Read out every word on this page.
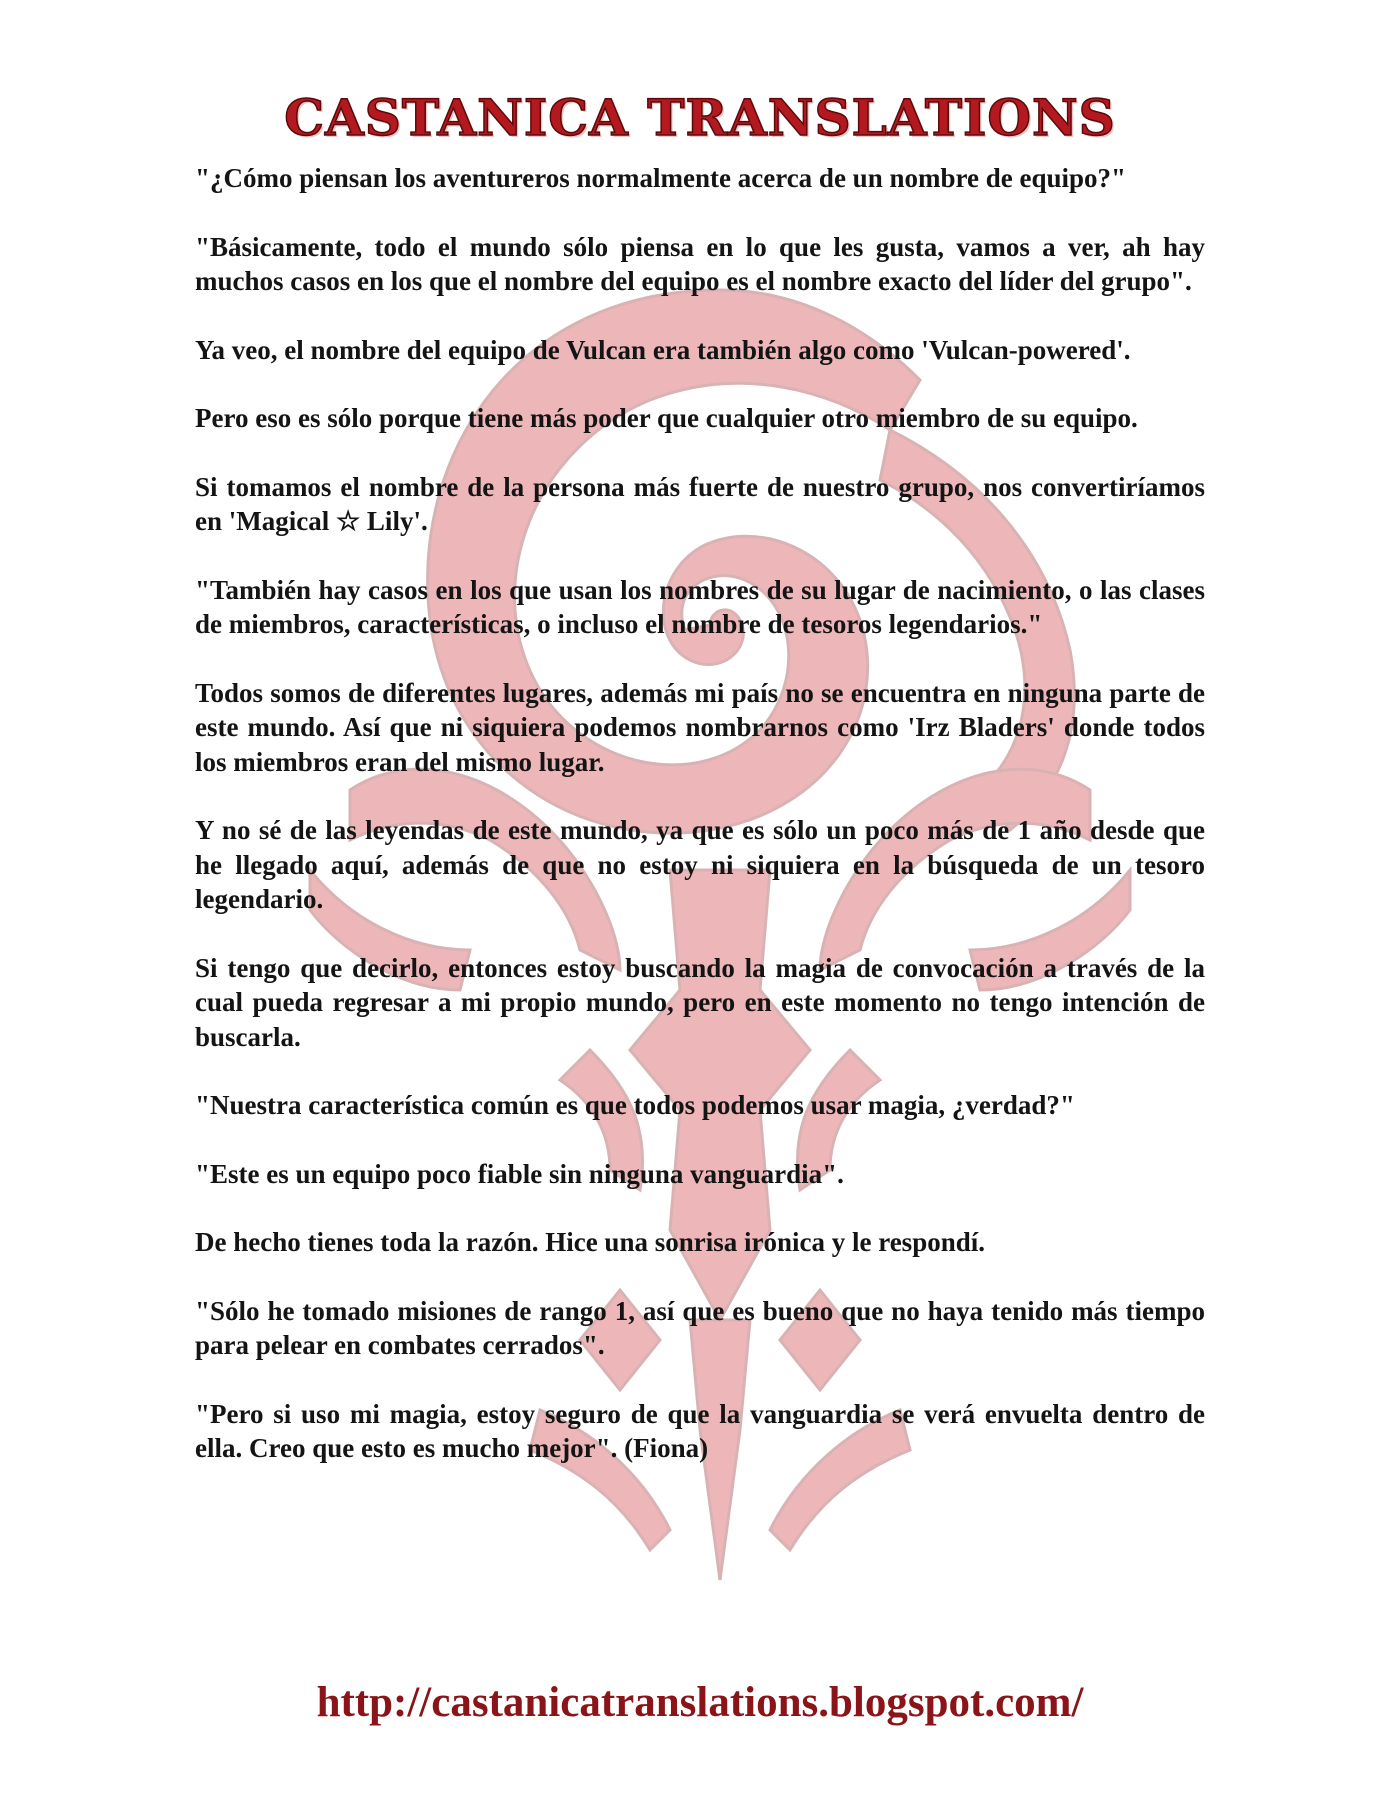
CASTANICA TRANSLATIONS

"¿Cómo piensan los aventureros normalmente acerca de un nombre de equipo?"

"Básicamente, todo el mundo sólo piensa en lo que les gusta, vamos a ver, ah hay muchos casos en los que el nombre del equipo es el nombre exacto del líder del grupo".

Ya veo, el nombre del equipo de Vulcan era también algo como 'Vulcan-powered'.

Pero eso es sólo porque tiene más poder que cualquier otro miembro de su equipo.

Si tomamos el nombre de la persona más fuerte de nuestro grupo, nos convertiríamos en 'Magical ☆ Lily'.

"También hay casos en los que usan los nombres de su lugar de nacimiento, o las clases de miembros, características, o incluso el nombre de tesoros legendarios."

Todos somos de diferentes lugares, además mi país no se encuentra en ninguna parte de este mundo. Así que ni siquiera podemos nombrarnos como 'Irz Bladers' donde todos los miembros eran del mismo lugar.

Y no sé de las leyendas de este mundo, ya que es sólo un poco más de 1 año desde que he llegado aquí, además de que no estoy ni siquiera en la búsqueda de un tesoro legendario.

Si tengo que decirlo, entonces estoy buscando la magia de convocación a través de la cual pueda regresar a mi propio mundo, pero en este momento no tengo intención de buscarla.

"Nuestra característica común es que todos podemos usar magia, ¿verdad?"

"Este es un equipo poco fiable sin ninguna vanguardia".

De hecho tienes toda la razón. Hice una sonrisa irónica y le respondí.

"Sólo he tomado misiones de rango 1, así que es bueno que no haya tenido más tiempo para pelear en combates cerrados".

"Pero si uso mi magia, estoy seguro de que la vanguardia se verá envuelta dentro de ella. Creo que esto es mucho mejor". (Fiona)

http://castanicatranslations.blogspot.com/
